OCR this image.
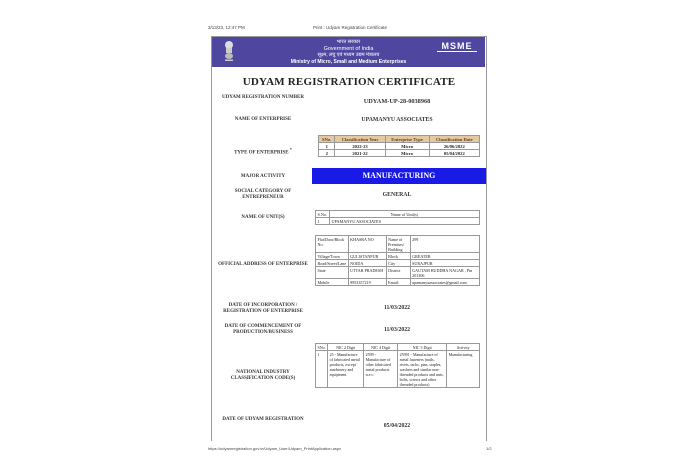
3/13/23, 12:47 PM	Print : Udyam Registration Certificate
भारत सरकार
Government of India
सूक्ष्म, लघु एवं मध्यम उद्यम मंत्रालय
Ministry of Micro, Small and Medium Enterprises
MSME

UDYAM REGISTRATION CERTIFICATE
UDYAM REGISTRATION NUMBER
UDYAM-UP-28-0038968
NAME OF ENTERPRISE	UPAMANYU ASSOCIATES
TYPE OF ENTERPRISE *
SNo.	Classification Year	Enterprise Type	Classification Date
1	2022-23	Micro	26/06/2022
2	2021-22	Micro	05/04/2022
MAJOR ACTIVITY	MANUFACTURING
SOCIAL CATEGORY OF ENTREPRENEUR	GENERAL
NAME OF UNIT(S)
S.No.	Name of Unit(s)
1	UPAMANYU ASSOCIATES
OFFICIAL ADDRESS OF ENTERPRISE
Flat/Door/Block No.	KHASRA NO	Name of Premises/ Building	299
Village/Town	GULISTANPUR	Block	GREATER
Road/Street/Lane	NOIDA	City	SURAJPUR
State	UTTAR PRADESH	District	GAUTAM BUDDHA NAGAR , Pin 201306
Mobile	9953357219	Email:	upamanyuassociates@gmail.com
DATE OF INCORPORATION / REGISTRATION OF ENTERPRISE
11/03/2022
DATE OF COMMENCEMENT OF PRODUCTION/BUSINESS	11/03/2022
NATIONAL INDUSTRY CLASSIFICATION CODE(S)
SNo.	NIC 2 Digit	NIC 4 Digit	NIC 5 Digit	Activity
1	25 - Manufacture of fabricated metal products, except machinery and equipment	2599 - Manufacture of other fabricated metal products n.e.c.	25991 - Manufacture of metal fasteners (nails, rivets, tacks, pins, staples, washers and similar non-threaded products and nuts, bolts, screws and other threaded products)	Manufacturing
DATE OF UDYAM REGISTRATION
05/04/2022
https://udyamregistration.gov.in/Udyam_User/Udyam_PrintApplication.aspx	1/2
